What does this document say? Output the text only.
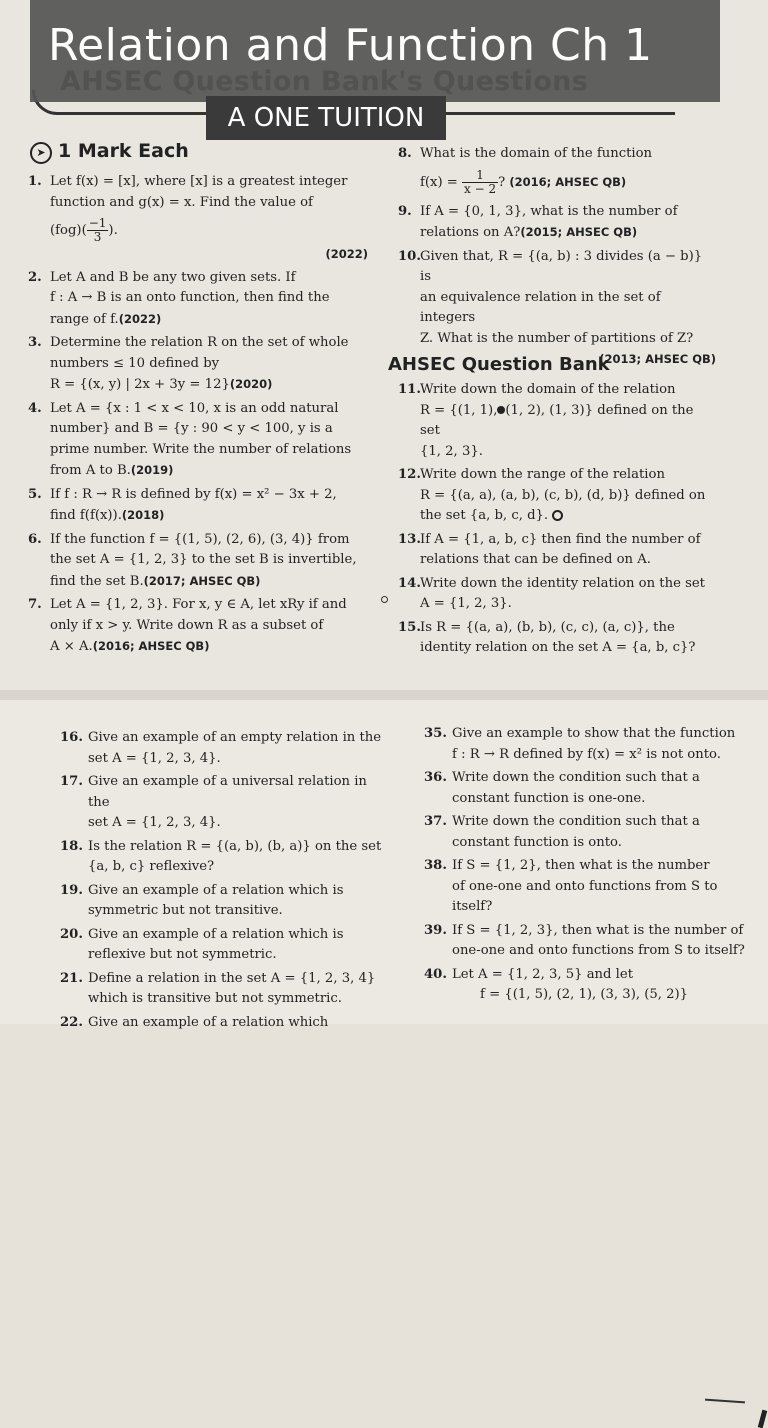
Relation and Function Ch 1
A ONE TUITION
➤ 1 Mark Each
1. Let f(x) = [x], where [x] is a greatest integer
function and g(x) = x. Find the value of
$(fog)( \frac{-1}{3}$ ).
(2022)
2. Let A and B be any two given sets. If
f : A → B is an onto function, then find the
range of f.(2022)
3. Determine the relation R on the set of whole
numbers ≤ 10 defined by
R = {(x, y) | 2x + 3y = 12}(2020)
4. Let A = {x : 1 < x < 10, x is an odd natural
number} and B = {y : 90 < y < 100, y is a
prime number. Write the number of relations
from A to B.(2019)
5. If f : R → R is defined by f(x) = x² − 3x + 2,
find f(f(x)).(2018)
6. If the function f = {(1, 5), (2, 6), (3, 4)} from
the set A = {1, 2, 3} to the set B is invertible,
find the set B.(2017; AHSEC QB)
7. Let A = {1, 2, 3}. For x, y ∈ A, let xRy if and
only if x > y. Write down R as a subset of
A × A.(2016; AHSEC QB)
8. What is the domain of the function
$f(x) = \frac{1}{x - 2}$ ? (2016; AHSEC QB)
9. If A = {0, 1, 3}, what is the number of
relations on A?(2015; AHSEC QB)
10. Given that, R = {(a, b) : 3 divides (a − b)} is
an equivalence relation in the set of integers
Z. What is the number of partitions of Z?
(2013; AHSEC QB)
AHSEC Question Bank
11. Write down the domain of the relation
R = {(1, 1), (1, 2), (1, 3)} defined on the set
{1, 2, 3}.
12. Write down the range of the relation
R = {(a, a), (a, b), (c, b), (d, b)} defined on
the set {a, b, c, d}.
13. If A = {1, a, b, c} then find the number of
relations that can be defined on A.
14. Write down the identity relation on the set
A = {1, 2, 3}.
15. Is R = {(a, a), (b, b), (c, c), (a, c)}, the
identity relation on the set A = {a, b, c}?
16. Give an example of an empty relation in the
set A = {1, 2, 3, 4}.
17. Give an example of a universal relation in the
set A = {1, 2, 3, 4}.
18. Is the relation R = {(a, b), (b, a)} on the set
{a, b, c} reflexive?
19. Give an example of a relation which is
symmetric but not transitive.
20. Give an example of a relation which is
reflexive but not symmetric.
21. Define a relation in the set A = {1, 2, 3, 4}
which is transitive but not symmetric.
22. Give an example of a relation which
35. Give an example to show that the function
f : R → R defined by f(x) = x² is not onto.
36. Write down the condition such that a
constant function is one-one.
37. Write down the condition such that a
constant function is onto.
38. If S = {1, 2}, then what is the number
of one-one and onto functions from S to
itself?
39. If S = {1, 2, 3}, then what is the number of
one-one and onto functions from S to itself?
40. Let A = {1, 2, 3, 5} and let
f = {(1, 5), (2, 1), (3, 3), (5, 2)}
